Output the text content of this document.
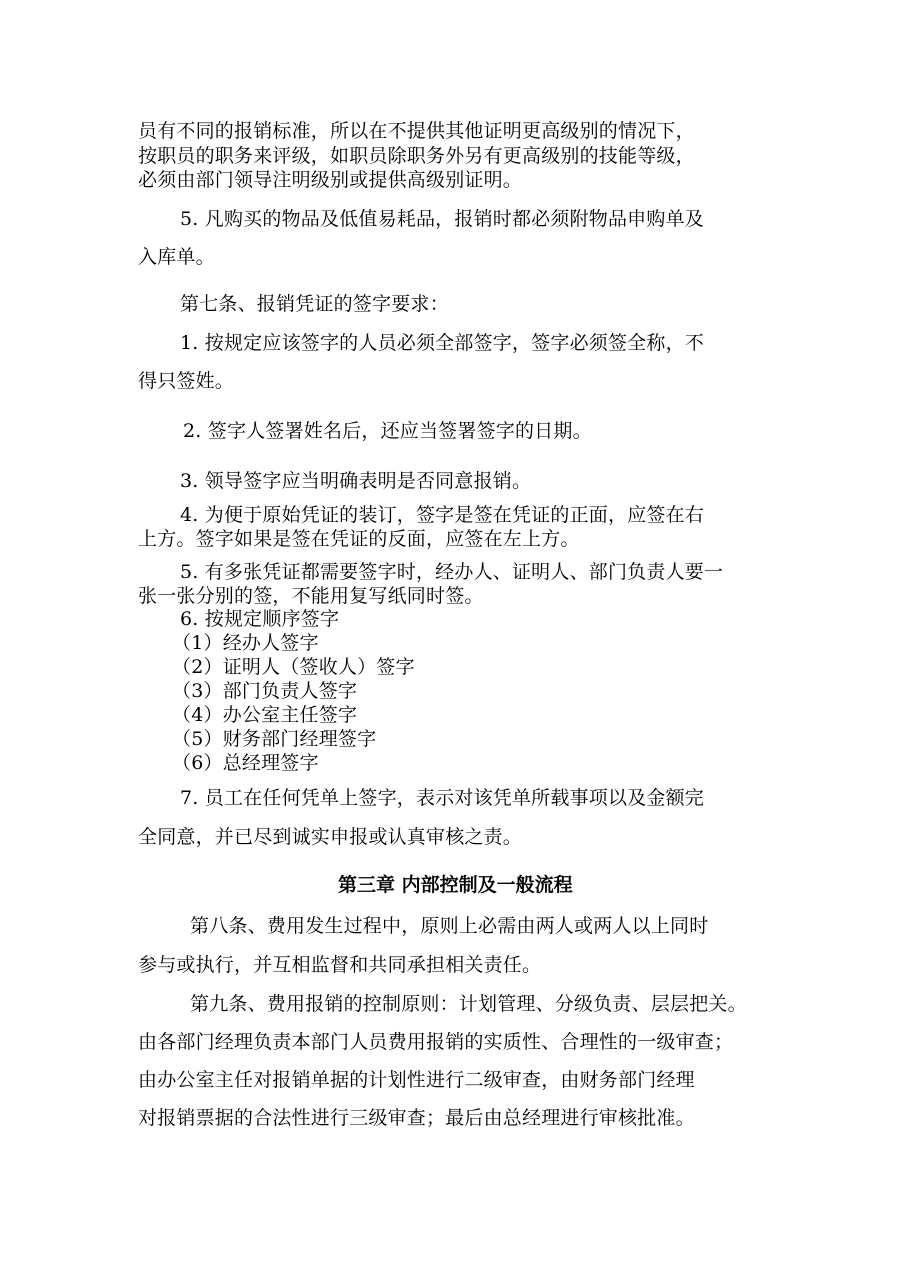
员有不同的报销标准，所以在不提供其他证明更高级别的情况下，
按职员的职务来评级，如职员除职务外另有更高级别的技能等级，
必须由部门领导注明级别或提供高级别证明。
5. 凡购买的物品及低值易耗品，报销时都必须附物品申购单及
入库单。
第七条、报销凭证的签字要求：
1. 按规定应该签字的人员必须全部签字，签字必须签全称，不
得只签姓。
2. 签字人签署姓名后，还应当签署签字的日期。
3. 领导签字应当明确表明是否同意报销。
4. 为便于原始凭证的装订，签字是签在凭证的正面，应签在右
上方。签字如果是签在凭证的反面，应签在左上方。
5. 有多张凭证都需要签字时，经办人、证明人、部门负责人要一
张一张分别的签，不能用复写纸同时签。
6. 按规定顺序签字
（1）经办人签字
（2）证明人（签收人）签字
（3）部门负责人签字
（4）办公室主任签字
（5）财务部门经理签字
（6）总经理签字
7. 员工在任何凭单上签字，表示对该凭单所载事项以及金额完
全同意，并已尽到诚实申报或认真审核之责。
第三章 内部控制及一般流程
第八条、费用发生过程中，原则上必需由两人或两人以上同时
参与或执行，并互相监督和共同承担相关责任。
第九条、费用报销的控制原则：计划管理、分级负责、层层把关。
由各部门经理负责本部门人员费用报销的实质性、合理性的一级审查；
由办公室主任对报销单据的计划性进行二级审查，由财务部门经理
对报销票据的合法性进行三级审查；最后由总经理进行审核批准。
